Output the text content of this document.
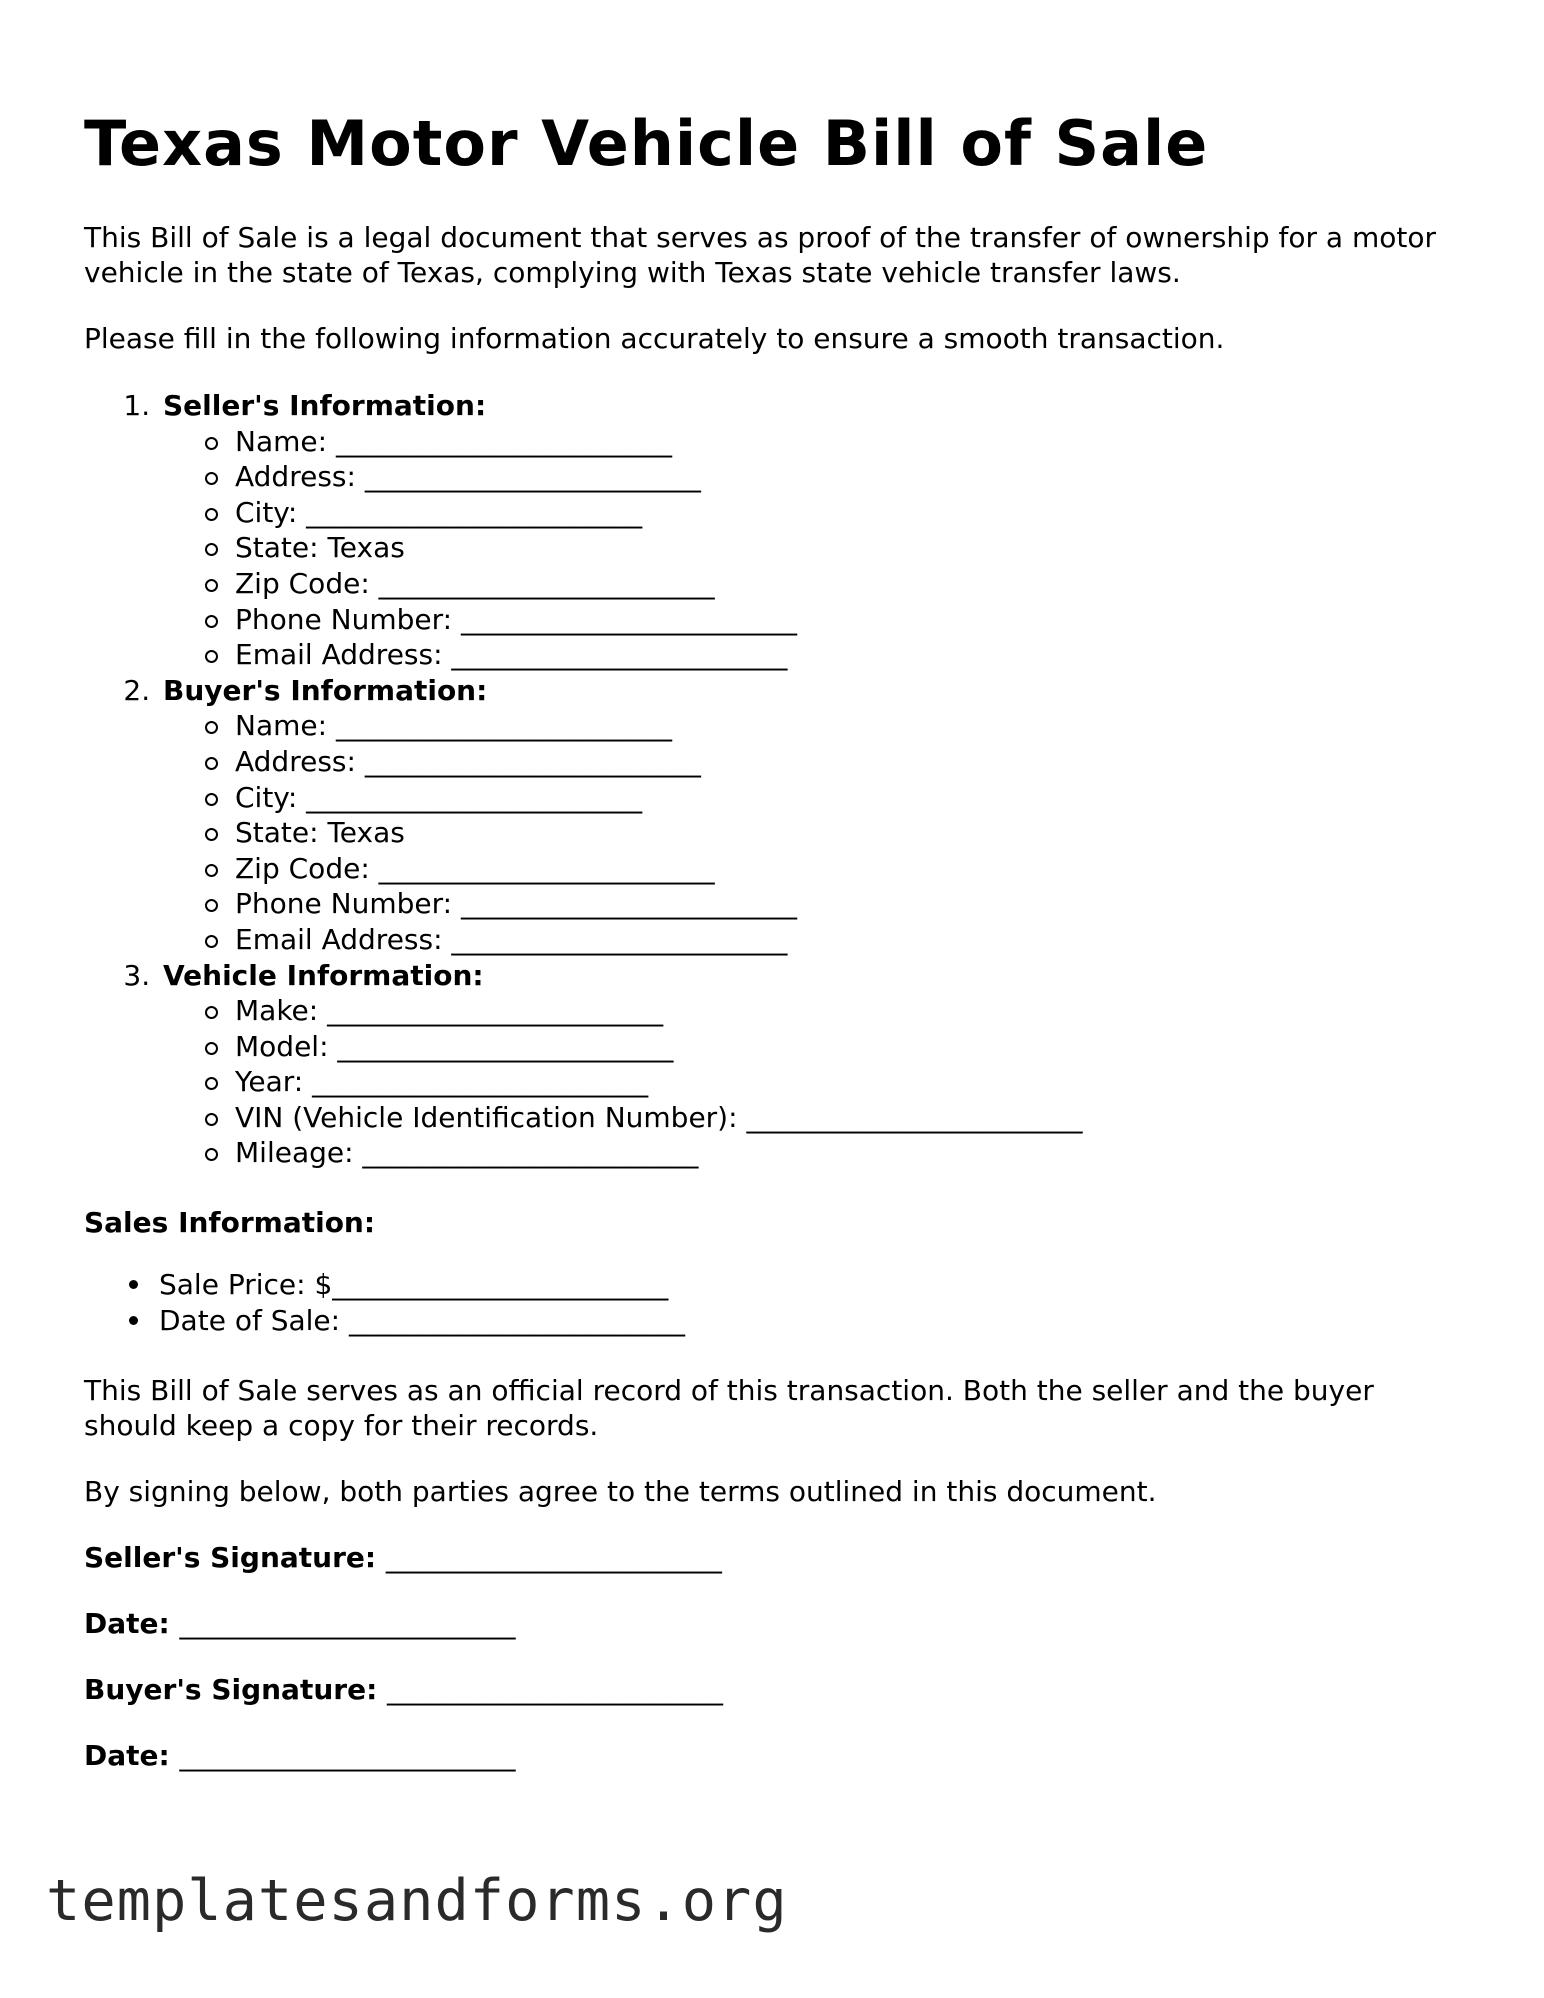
Texas Motor Vehicle Bill of Sale

This Bill of Sale is a legal document that serves as proof of the transfer of ownership for a motor vehicle in the state of Texas, complying with Texas state vehicle transfer laws.

Please fill in the following information accurately to ensure a smooth transaction.

1. Seller's Information:
Name: ________________________
Address: ________________________
City: ________________________
State: Texas
Zip Code: ________________________
Phone Number: ________________________
Email Address: ________________________
2. Buyer's Information:
Name: ________________________
Address: ________________________
City: ________________________
State: Texas
Zip Code: ________________________
Phone Number: ________________________
Email Address: ________________________
3. Vehicle Information:
Make: ________________________
Model: ________________________
Year: ________________________
VIN (Vehicle Identification Number): ________________________
Mileage: ________________________

Sales Information:

Sale Price: $________________________
Date of Sale: ________________________

This Bill of Sale serves as an official record of this transaction. Both the seller and the buyer should keep a copy for their records.

By signing below, both parties agree to the terms outlined in this document.

Seller's Signature: ________________________
Date: ________________________
Buyer's Signature: ________________________
Date: ________________________
templatesandforms.org
